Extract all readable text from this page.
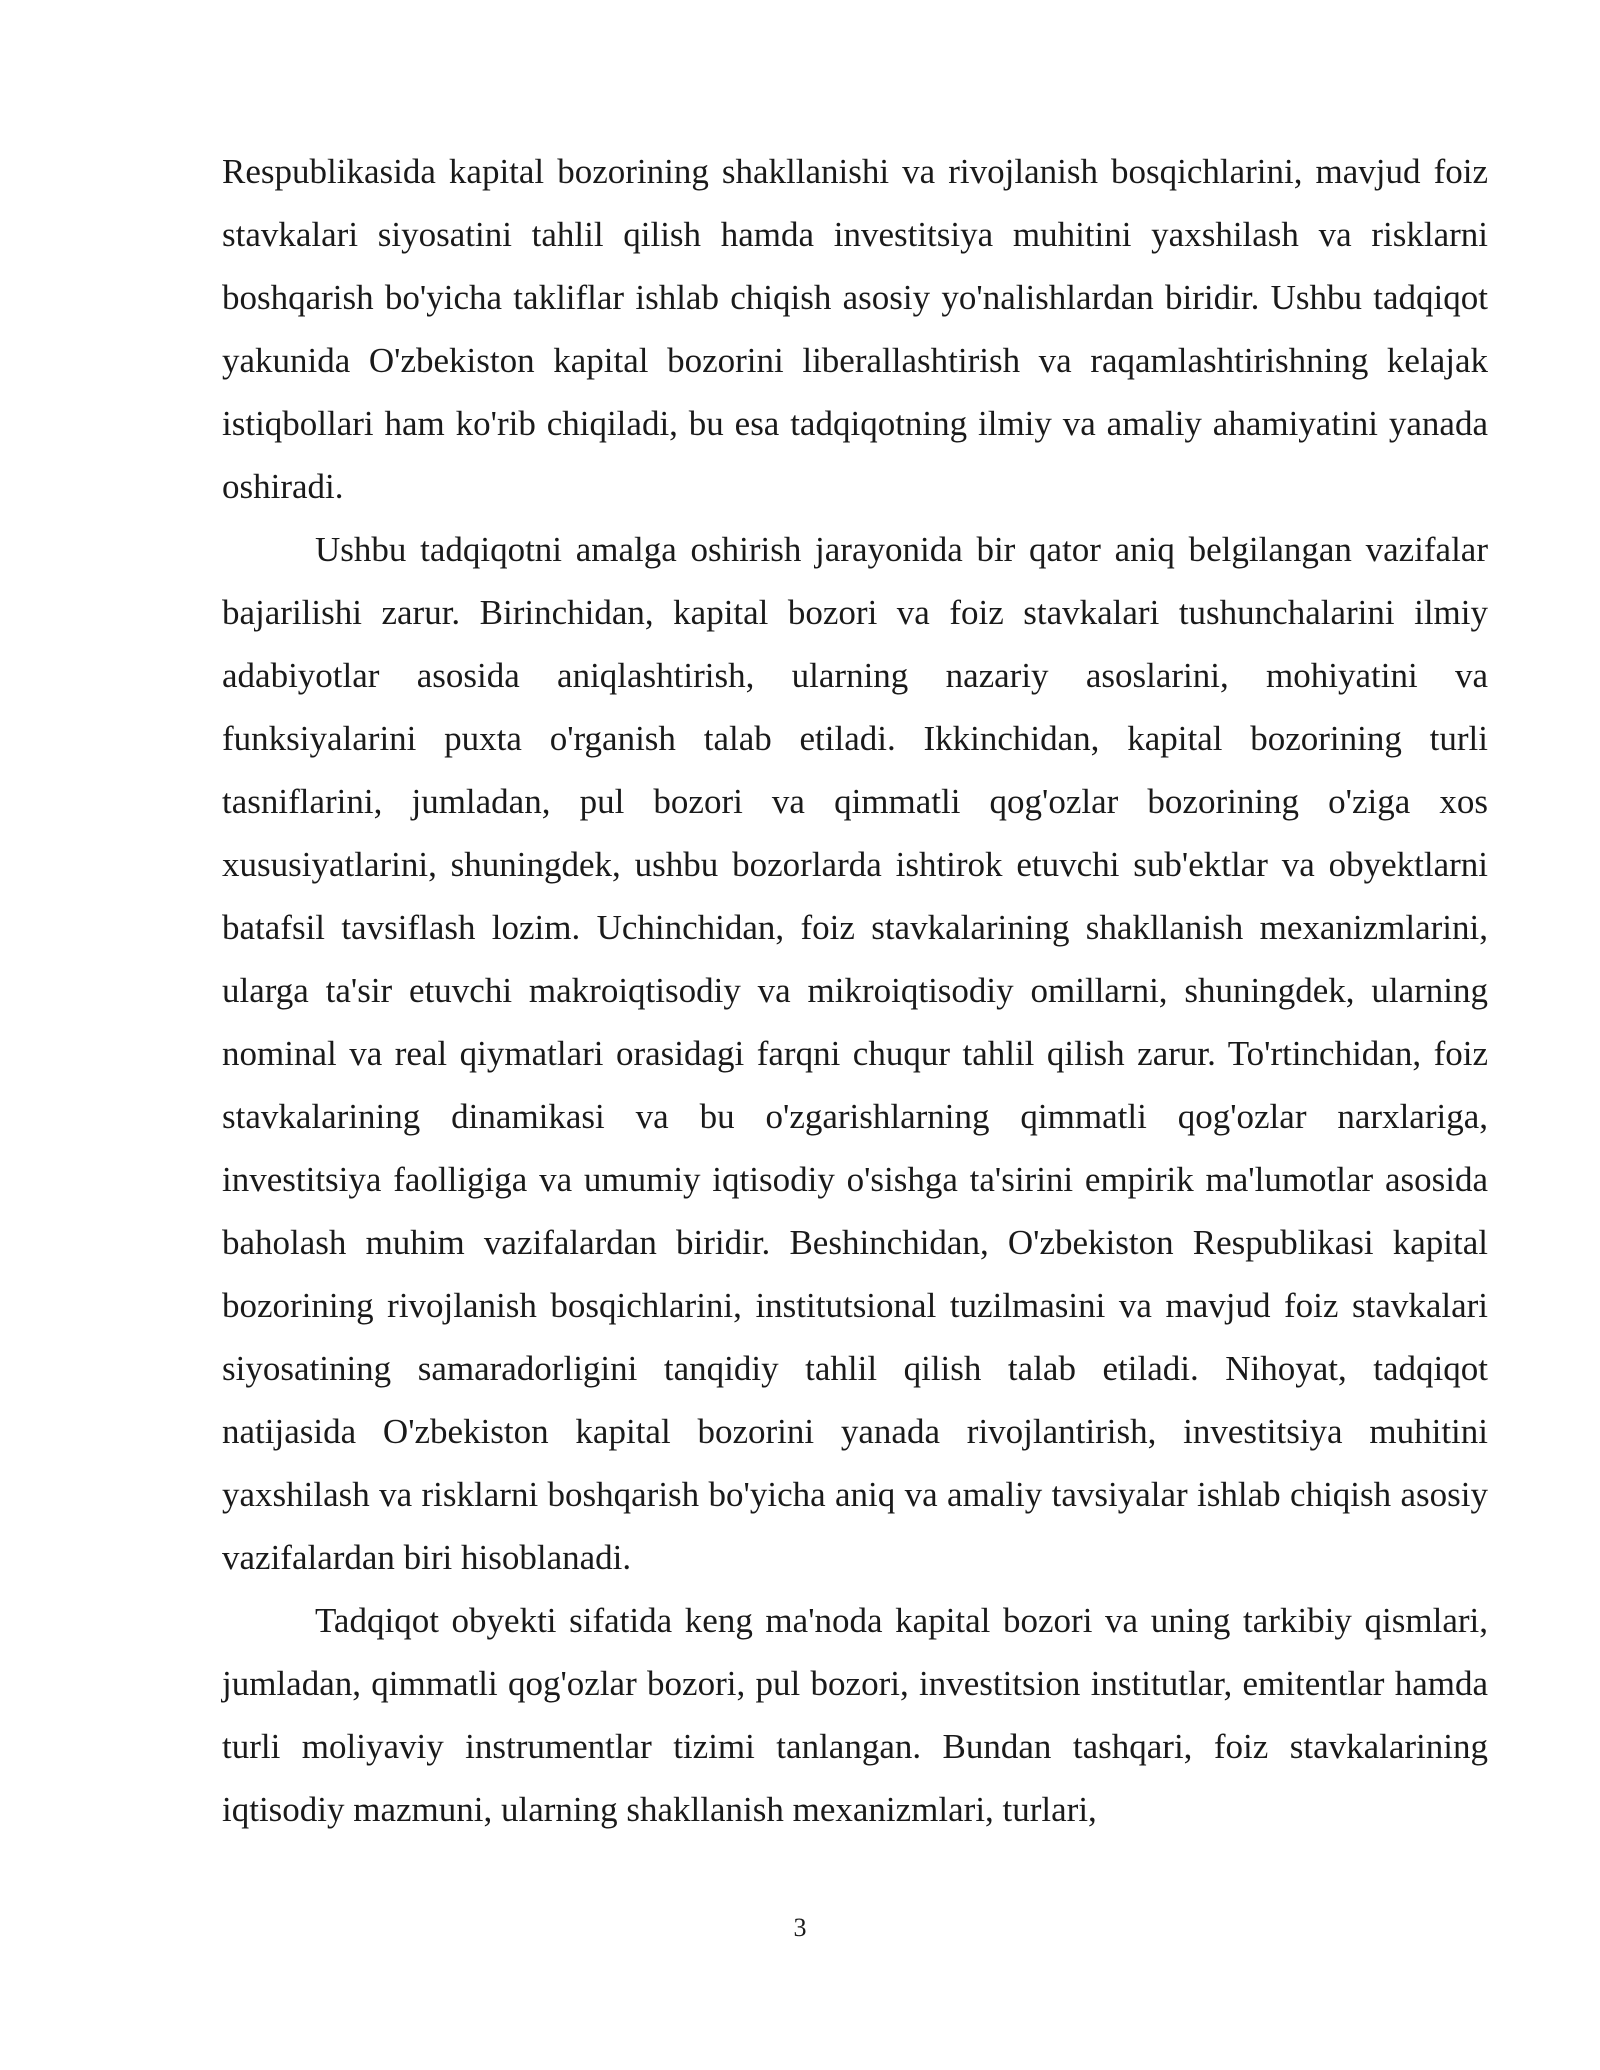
Respublikasida kapital bozorining shakllanishi va rivojlanish bosqichlarini, mavjud foiz stavkalari siyosatini tahlil qilish hamda investitsiya muhitini yaxshilash va risklarni boshqarish bo'yicha takliflar ishlab chiqish asosiy yo'nalishlardan biridir. Ushbu tadqiqot yakunida O'zbekiston kapital bozorini liberallashtirish va raqamlashtirishning kelajak istiqbollari ham ko'rib chiqiladi, bu esa tadqiqotning ilmiy va amaliy ahamiyatini yanada oshiradi.

Ushbu tadqiqotni amalga oshirish jarayonida bir qator aniq belgilangan vazifalar bajarilishi zarur. Birinchidan, kapital bozori va foiz stavkalari tushunchalarini ilmiy adabiyotlar asosida aniqlashtirish, ularning nazariy asoslarini, mohiyatini va funksiyalarini puxta o'rganish talab etiladi. Ikkinchidan, kapital bozorining turli tasniflarini, jumladan, pul bozori va qimmatli qog'ozlar bozorining o'ziga xos xususiyatlarini, shuningdek, ushbu bozorlarda ishtirok etuvchi sub'ektlar va obyektlarni batafsil tavsiflash lozim. Uchinchidan, foiz stavkalarining shakllanish mexanizmlarini, ularga ta'sir etuvchi makroiqtisodiy va mikroiqtisodiy omillarni, shuningdek, ularning nominal va real qiymatlari orasidagi farqni chuqur tahlil qilish zarur. To'rtinchidan, foiz stavkalarining dinamikasi va bu o'zgarishlarning qimmatli qog'ozlar narxlariga, investitsiya faolligiga va umumiy iqtisodiy o'sishga ta'sirini empirik ma'lumotlar asosida baholash muhim vazifalardan biridir. Beshinchidan, O'zbekiston Respublikasi kapital bozorining rivojlanish bosqichlarini, institutsional tuzilmasini va mavjud foiz stavkalari siyosatining samaradorligini tanqidiy tahlil qilish talab etiladi. Nihoyat, tadqiqot natijasida O'zbekiston kapital bozorini yanada rivojlantirish, investitsiya muhitini yaxshilash va risklarni boshqarish bo'yicha aniq va amaliy tavsiyalar ishlab chiqish asosiy vazifalardan biri hisoblanadi.

Tadqiqot obyekti sifatida keng ma'noda kapital bozori va uning tarkibiy qismlari, jumladan, qimmatli qog'ozlar bozori, pul bozori, investitsion institutlar, emitentlar hamda turli moliyaviy instrumentlar tizimi tanlangan. Bundan tashqari, foiz stavkalarining iqtisodiy mazmuni, ularning shakllanish mexanizmlari, turlari,

3
